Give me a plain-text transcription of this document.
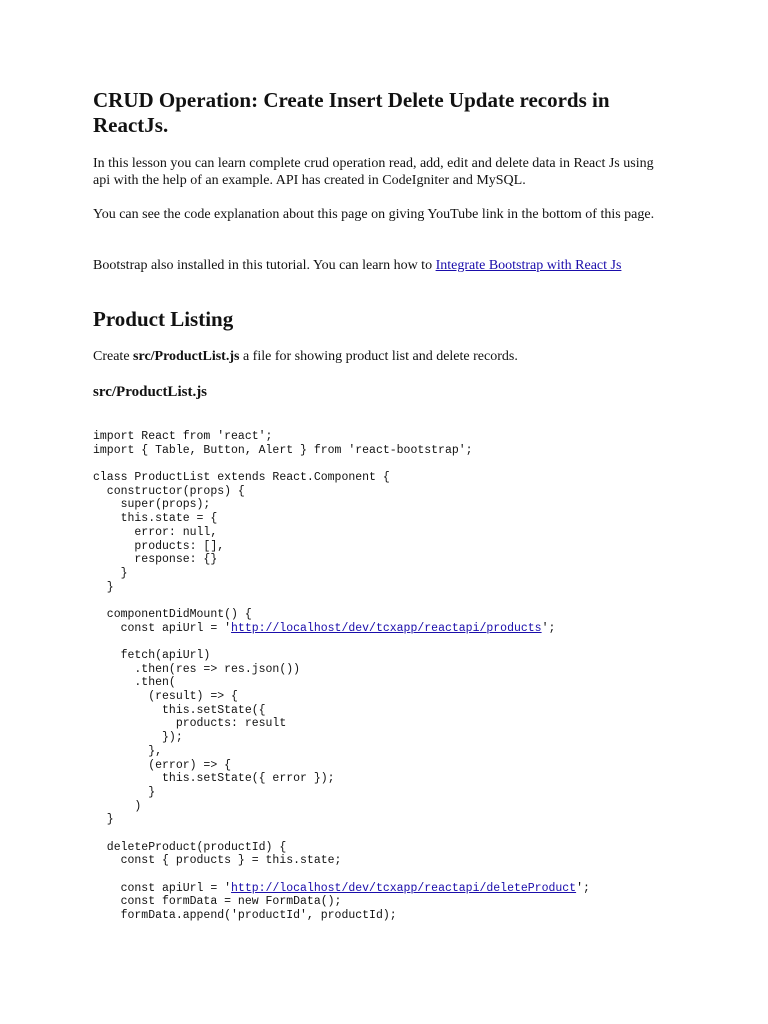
CRUD Operation: Create Insert Delete Update records in ReactJs.

In this lesson you can learn complete crud operation read, add, edit and delete data in React Js using api with the help of an example. API has created in CodeIgniter and MySQL.

You can see the code explanation about this page on giving YouTube link in the bottom of this page.

Bootstrap also installed in this tutorial. You can learn how to Integrate Bootstrap with React Js

Product Listing

Create src/ProductList.js a file for showing product list and delete records.

src/ProductList.js
import React from 'react';
import { Table, Button, Alert } from 'react-bootstrap';
class ProductList extends React.Component {
constructor(props) {
super(props);
this.state = {
error: null,
products: [],
response: {}
}
}
componentDidMount() {
const apiUrl = 'http://localhost/dev/tcxapp/reactapi/products';
fetch(apiUrl)
.then(res => res.json())
.then(
(result) => {
this.setState({
products: result
});
},
(error) => {
this.setState({ error });
}
)
}
deleteProduct(productId) {
const { products } = this.state;
const apiUrl = 'http://localhost/dev/tcxapp/reactapi/deleteProduct';
const formData = new FormData();
formData.append('productId', productId);
